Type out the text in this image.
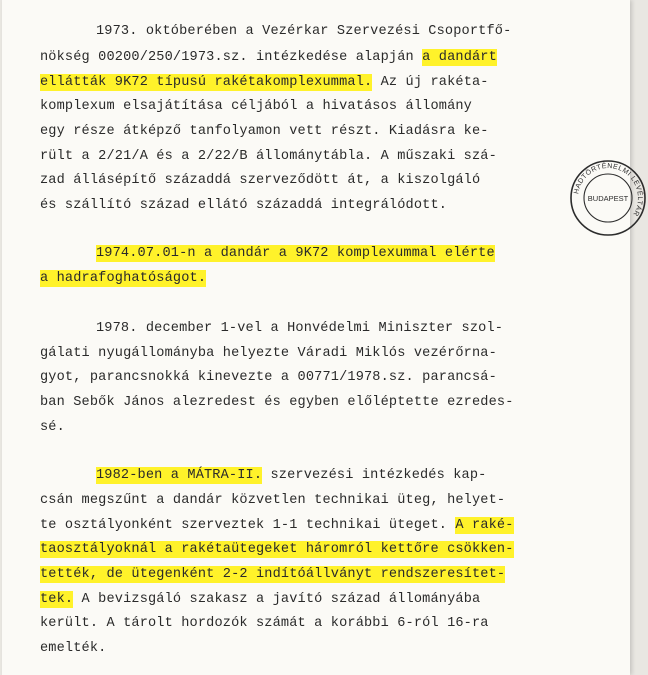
1973. októberében a Vezérkar Szervezési Csoportfő-
nökség 00200/250/1973.sz. intézkedése alapján a dandárt
ellátták 9K72 típusú rakétakomplexummal. Az új rakéta-
komplexum elsajátítása céljából a hivatásos állomány
egy része átképző tanfolyamon vett részt. Kiadásra ke-
rült a 2/21/A és a 2/22/B állománytábla. A műszaki szá-
zad állásépítő századdá szerveződött át, a kiszolgáló
és szállító század ellátó századdá integrálódott.
1974.07.01-n a dandár a 9K72 komplexummal elérte
a hadrafoghatóságot.
1978. december 1-vel a Honvédelmi Miniszter szol-
gálati nyugállományba helyezte Váradi Miklós vezérőrna-
gyot, parancsnokká kinevezte a 00771/1978.sz. parancsá-
ban Sebők János alezredest és egyben előléptette ezredes-
sé.
1982-ben a MÁTRA-II. szervezési intézkedés kap-
csán megszűnt a dandár közvetlen technikai üteg, helyet-
te osztályonként szerveztek 1-1 technikai üteget. A raké-
taosztályoknál a rakétaütegeket háromról kettőre csökken-
tették, de ütegenként 2-2 indítóállványt rendszeresítet-
tek. A bevizsgáló szakasz a javító század állományába
került. A tárolt hordozók számát a korábbi 6-ról 16-ra
emelték.
HADTÖRTÉNELMI LEVÉLTÁR
BUDAPEST
